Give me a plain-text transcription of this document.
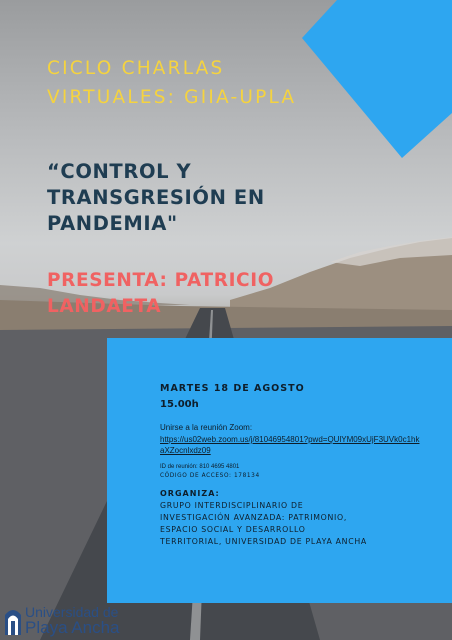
CICLO CHARLAS VIRTUALES: GIIA-UPLA
“CONTROL Y TRANSGRESIÓN EN PANDEMIA"
PRESENTA: PATRICIO LANDAETA
MARTES 18 DE AGOSTO
15.00h
Unirse a la reunión Zoom:
https://us02web.zoom.us/j/81046954801?pwd=QUlYM09xUjF3UVk0c1hkaXZocnlxdz09
ID de reunión: 810 4695 4801
CÓDIGO DE ACCESO: 178134
ORGANIZA:
GRUPO INTERDISCIPLINARIO DE INVESTIGACIÓN AVANZADA: PATRIMONIO, ESPACIO SOCIAL Y DESARROLLO TERRITORIAL, UNIVERSIDAD DE PLAYA ANCHA
Universidad de
Playa Ancha
